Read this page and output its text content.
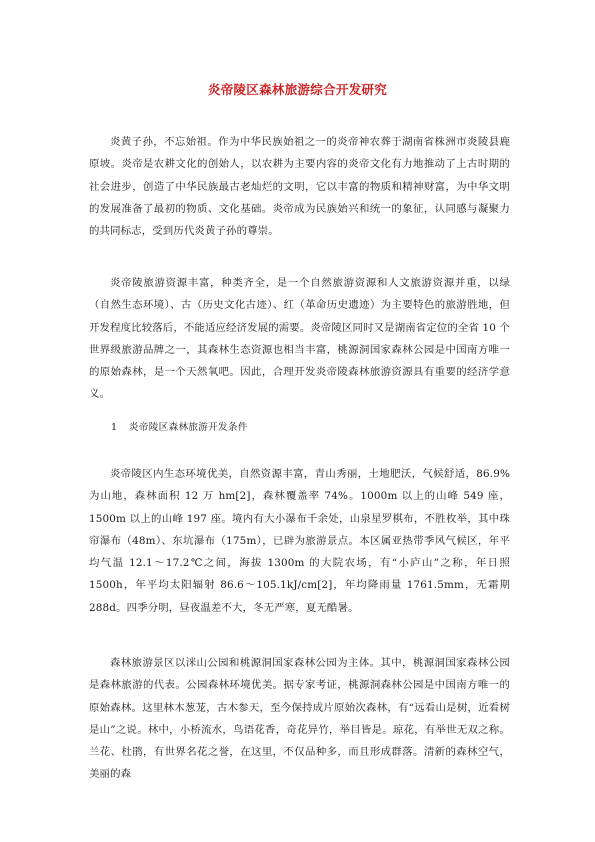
炎帝陵区森林旅游综合开发研究

炎黄子孙，不忘始祖。作为中华民族始祖之一的炎帝神农葬于湖南省株洲市炎陵县鹿原坡。炎帝是农耕文化的创始人，以农耕为主要内容的炎帝文化有力地推动了上古时期的社会进步，创造了中华民族最古老灿烂的文明，它以丰富的物质和精神财富，为中华文明的发展准备了最初的物质、文化基础。炎帝成为民族始兴和统一的象征，认同感与凝聚力的共同标志，受到历代炎黄子孙的尊崇。

炎帝陵旅游资源丰富，种类齐全，是一个自然旅游资源和人文旅游资源并重，以绿（自然生态环境）、古（历史文化古迹）、红（革命历史遗迹）为主要特色的旅游胜地，但开发程度比较落后，不能适应经济发展的需要。炎帝陵区同时又是湖南省定位的全省 10 个世界级旅游品牌之一，其森林生态资源也相当丰富，桃源洞国家森林公园是中国南方唯一的原始森林，是一个天然氧吧。因此，合理开发炎帝陵森林旅游资源具有重要的经济学意义。

1 炎帝陵区森林旅游开发条件

炎帝陵区内生态环境优美，自然资源丰富，青山秀丽，土地肥沃，气候舒适，86.9%为山地，森林面积 12 万 hm[2]，森林覆盖率 74%。1000m 以上的山峰 549 座，1500m 以上的山峰 197 座。境内有大小瀑布千余处，山泉星罗棋布，不胜枚举，其中珠帘瀑布（48m）、东坑瀑布（175m），已辟为旅游景点。本区属亚热带季风气候区，年平均气温 12.1～17.2℃之间，海拔 1300m 的大院农场，有“小庐山”之称，年日照 1500h，年平均太阳辐射 86.6～105.1kJ/cm[2]，年均降雨量 1761.5mm，无霜期 288d。四季分明，昼夜温差不大，冬无严寒，夏无酷暑。

森林旅游景区以洣山公园和桃源洞国家森林公园为主体。其中，桃源洞国家森林公园是森林旅游的代表。公园森林环境优美。据专家考证，桃源洞森林公园是中国南方唯一的原始森林。这里林木葱茏，古木参天，至今保持成片原始次森林，有“远看山是树，近看树是山”之说。林中，小桥流水，鸟语花香，奇花异竹，举目皆是。琼花，有举世无双之称。兰花、杜鹃，有世界名花之誉，在这里，不仅品种多，而且形成群落。清新的森林空气，美丽的森
